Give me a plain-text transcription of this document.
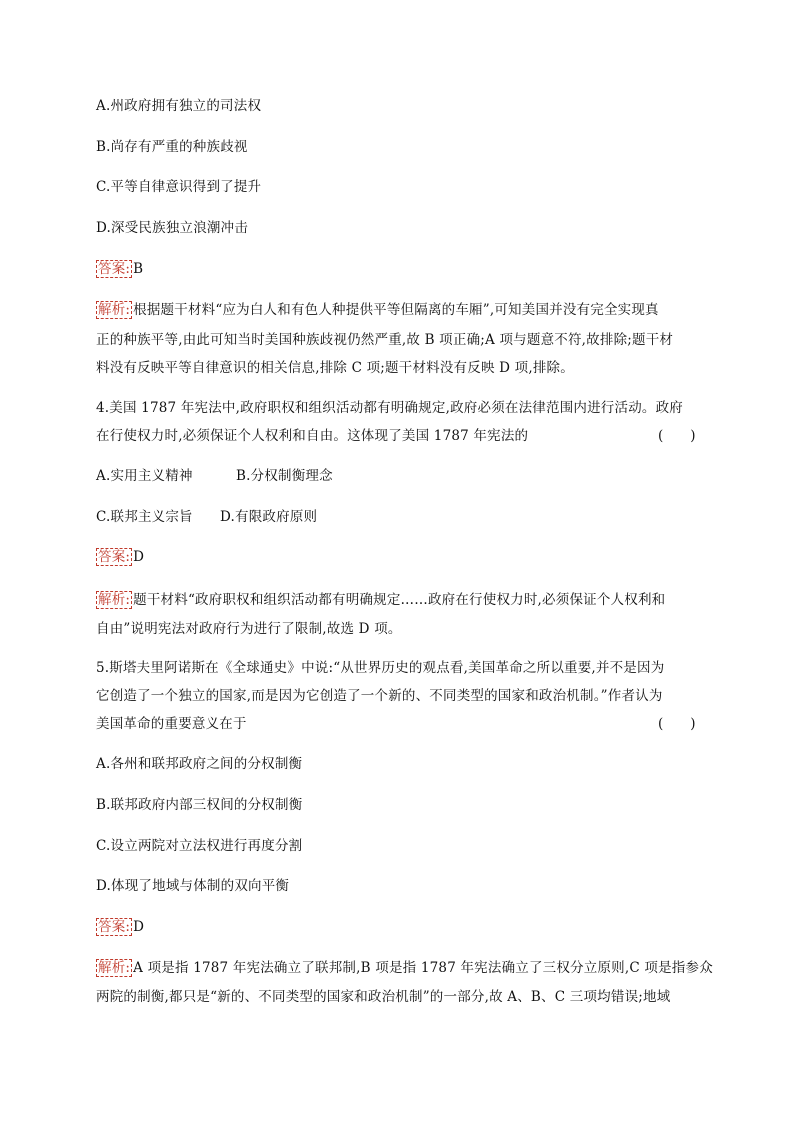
A.州政府拥有独立的司法权
B.尚存有严重的种族歧视
C.平等自律意识得到了提升
D.深受民族独立浪潮冲击
答案: B
解析: 根据题干材料“应为白人和有色人种提供平等但隔离的车厢”,可知美国并没有完全实现真
正的种族平等,由此可知当时美国种族歧视仍然严重,故 B 项正确;A 项与题意不符,故排除;题干材
料没有反映平等自律意识的相关信息,排除 C 项;题干材料没有反映 D 项,排除。
4.美国 1787 年宪法中,政府职权和组织活动都有明确规定,政府必须在法律范围内进行活动。政府
在行使权力时,必须保证个人权利和自由。这体现了美国 1787 年宪法的	(　　)
A.实用主义精神	B.分权制衡理念
C.联邦主义宗旨 D.有限政府原则
答案: D
解析: 题干材料“政府职权和组织活动都有明确规定……政府在行使权力时,必须保证个人权利和
自由”说明宪法对政府行为进行了限制,故选 D 项。
5.斯塔夫里阿诺斯在《全球通史》中说:“从世界历史的观点看,美国革命之所以重要,并不是因为
它创造了一个独立的国家,而是因为它创造了一个新的、不同类型的国家和政治机制。”作者认为
美国革命的重要意义在于	(　　)
A.各州和联邦政府之间的分权制衡
B.联邦政府内部三权间的分权制衡
C.设立两院对立法权进行再度分割
D.体现了地域与体制的双向平衡
答案: D
解析: A 项是指 1787 年宪法确立了联邦制,B 项是指 1787 年宪法确立了三权分立原则,C 项是指参众
两院的制衡,都只是“新的、不同类型的国家和政治机制”的一部分,故 A、B、C 三项均错误;地域
